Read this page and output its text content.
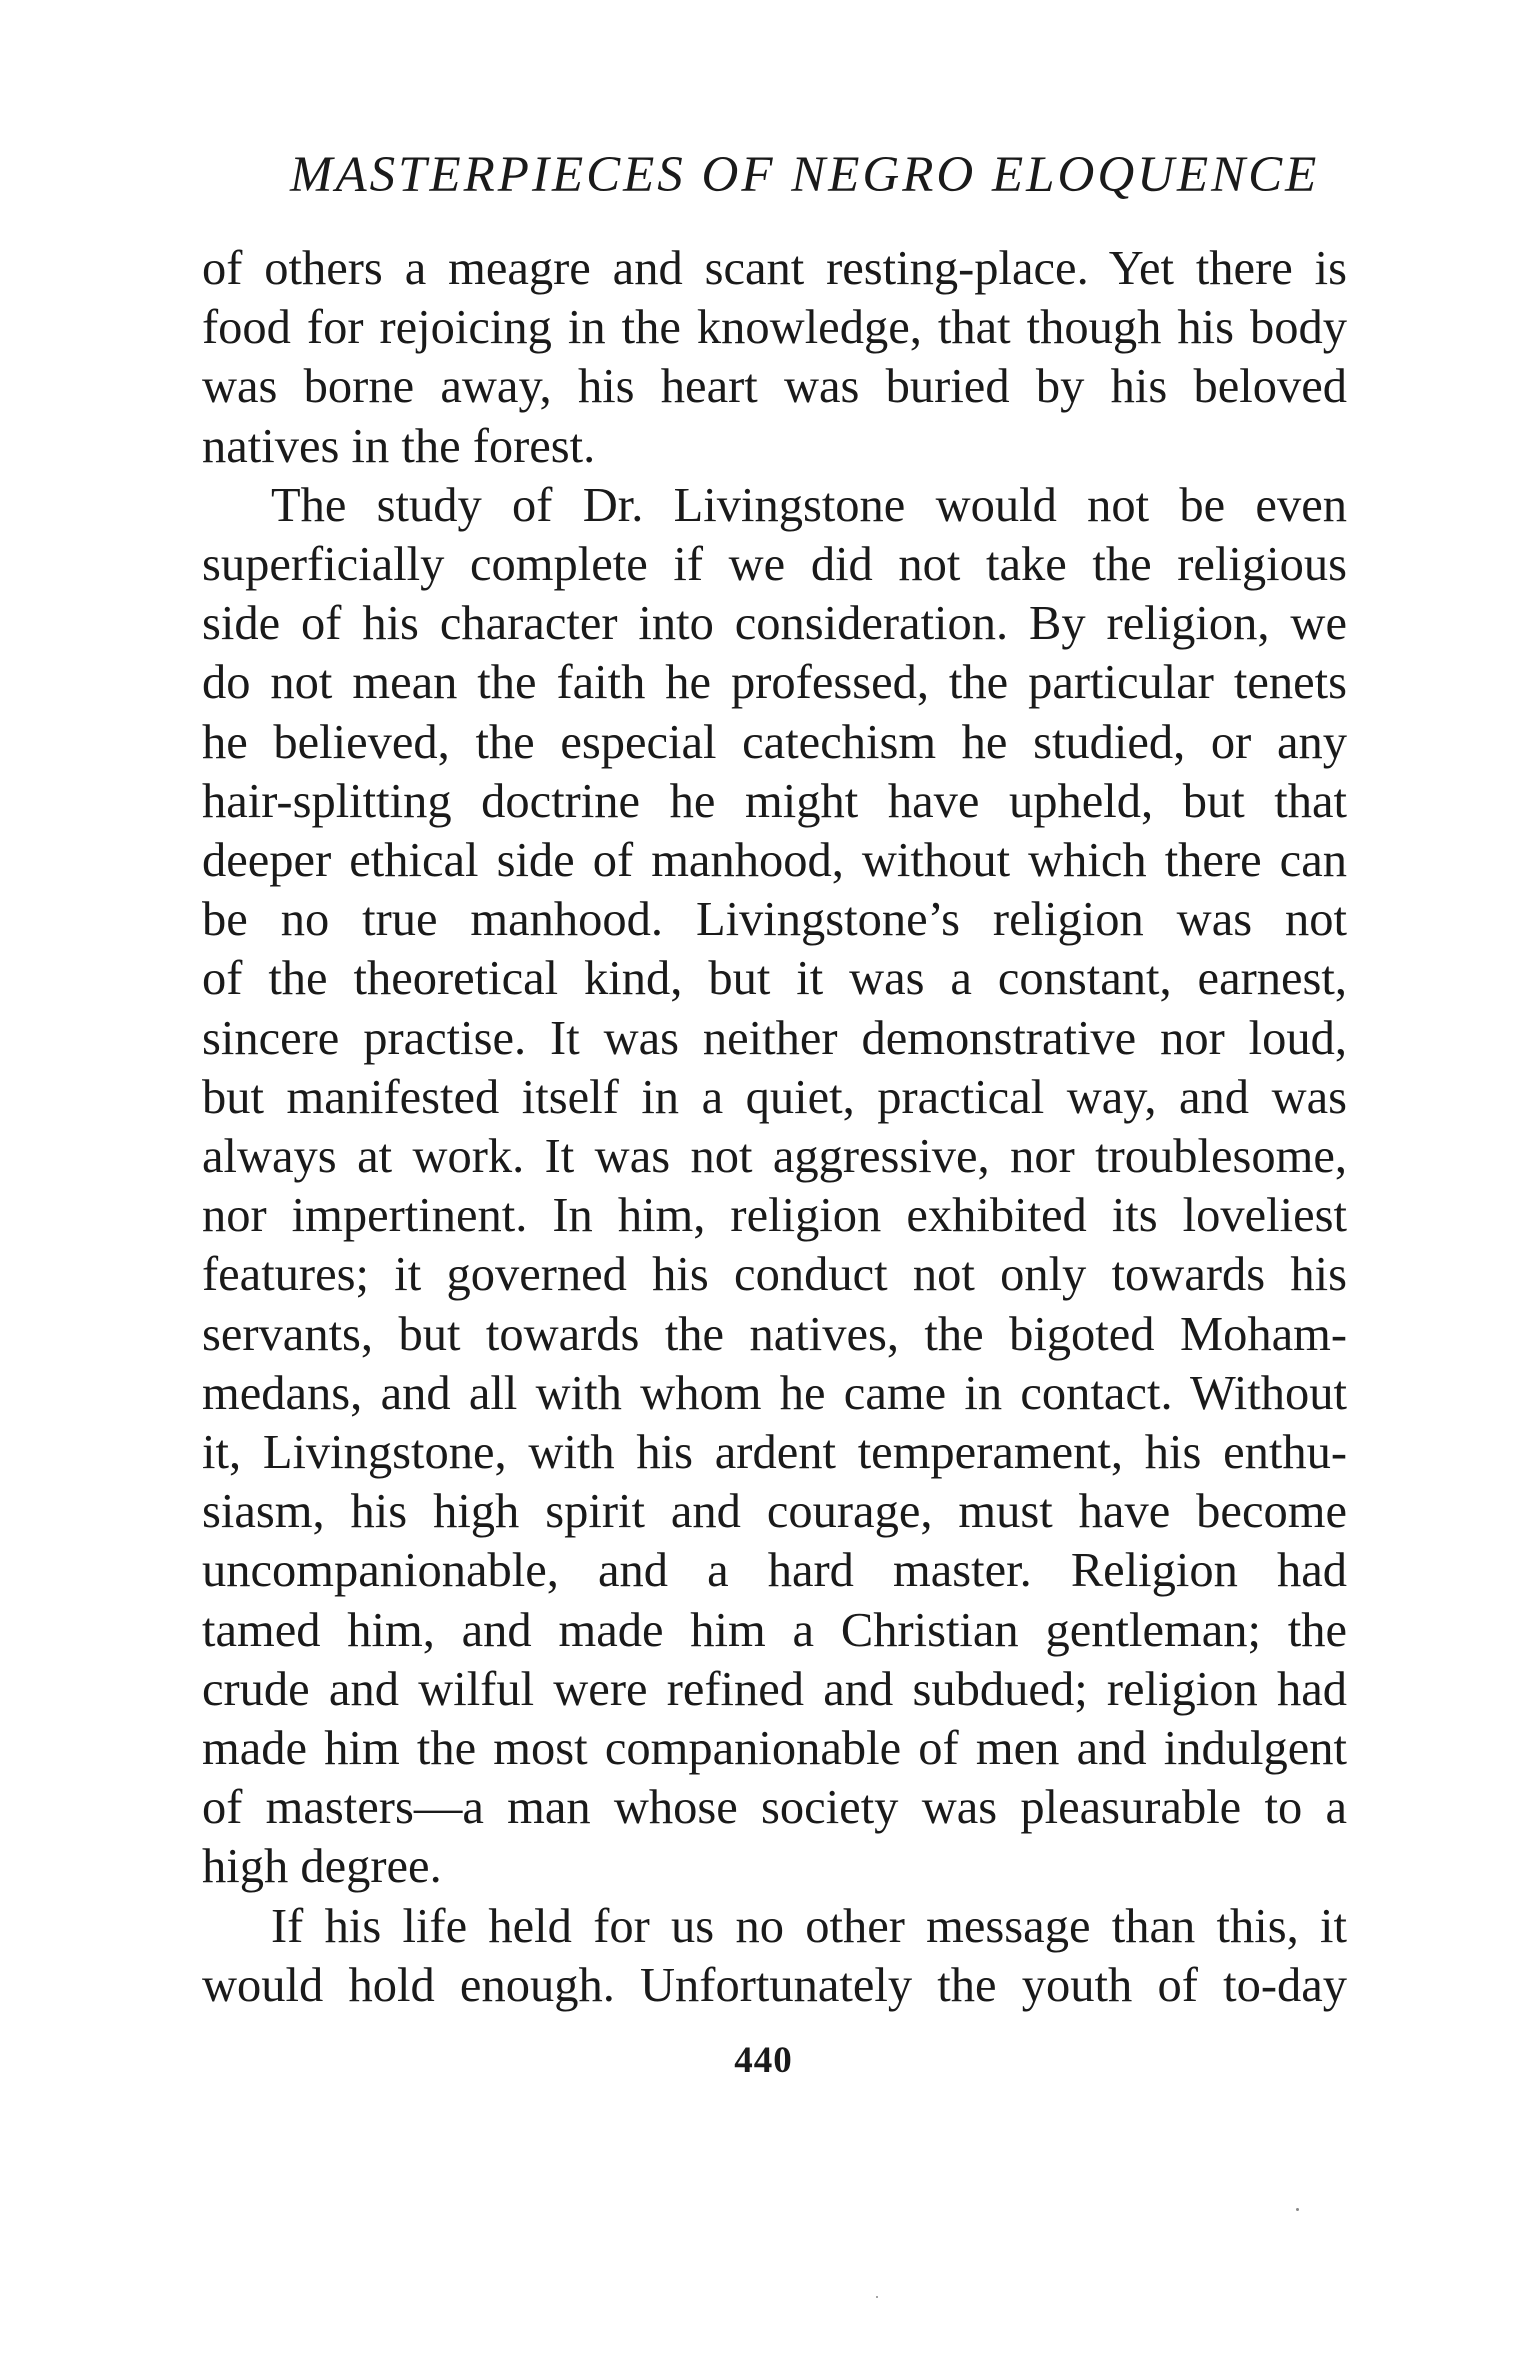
MASTERPIECES OF NEGRO ELOQUENCE
of others a meagre and scant resting-place. Yet there is
food for rejoicing in the knowledge, that though his body
was borne away, his heart was buried by his beloved
natives in the forest.
The study of Dr. Livingstone would not be even
superficially complete if we did not take the religious
side of his character into consideration. By religion, we
do not mean the faith he professed, the particular tenets
he believed, the especial catechism he studied, or any
hair-splitting doctrine he might have upheld, but that
deeper ethical side of manhood, without which there can
be no true manhood. Livingstone’s religion was not
of the theoretical kind, but it was a constant, earnest,
sincere practise. It was neither demonstrative nor loud,
but manifested itself in a quiet, practical way, and was
always at work. It was not aggressive, nor troublesome,
nor impertinent. In him, religion exhibited its loveliest
features; it governed his conduct not only towards his
servants, but towards the natives, the bigoted Moham-
medans, and all with whom he came in contact. Without
it, Livingstone, with his ardent temperament, his enthu-
siasm, his high spirit and courage, must have become
uncompanionable, and a hard master. Religion had
tamed him, and made him a Christian gentleman; the
crude and wilful were refined and subdued; religion had
made him the most companionable of men and indulgent
of masters—a man whose society was pleasurable to a
high degree.
If his life held for us no other message than this, it
would hold enough. Unfortunately the youth of to-day
440
